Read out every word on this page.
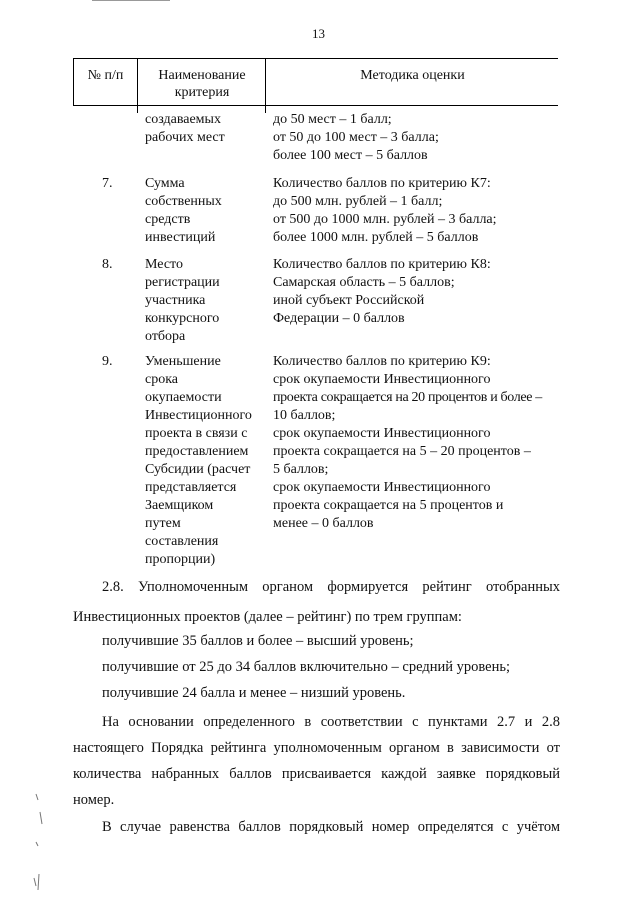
13
№ п/п	Наименование
критерия
Методика оценки
создаваемых
рабочих мест
до 50 мест – 1 балл;
от 50 до 100 мест – 3 балла;
более 100 мест – 5 баллов
7. Сумма
собственных
средств
инвестиций
Количество баллов по критерию К7:
до 500 млн. рублей – 1 балл;
от 500 до 1000 млн. рублей – 3 балла;
более 1000 млн. рублей – 5 баллов
8. Место
регистрации
участника
конкурсного
отбора
Количество баллов по критерию К8:
Самарская область – 5 баллов;
иной субъект Российской
Федерации – 0 баллов
9. Уменьшение
срока
окупаемости
Инвестиционного
проекта в связи с
предоставлением
Субсидии (расчет
представляется
Заемщиком
путем
составления
пропорции)
Количество баллов по критерию К9:
срок окупаемости Инвестиционного
проекта сокращается на 20 процентов и более –
10 баллов;
срок окупаемости Инвестиционного
проекта сокращается на 5 – 20 процентов –
5 баллов;
срок окупаемости Инвестиционного
проекта сокращается на 5 процентов и
менее – 0 баллов
2.8. Уполномоченным органом формируется рейтинг отобранных
Инвестиционных проектов (далее – рейтинг) по трем группам:
получившие 35 баллов и более – высший уровень;
получившие от 25 до 34 баллов включительно – средний уровень;
получившие 24 балла и менее – низший уровень.
На основании определенного в соответствии с пунктами 2.7 и 2.8
настоящего Порядка рейтинга уполномоченным органом в зависимости от
количества набранных баллов присваивается каждой заявке порядковый
номер.
В случае равенства баллов порядковый номер определятся с учётом
